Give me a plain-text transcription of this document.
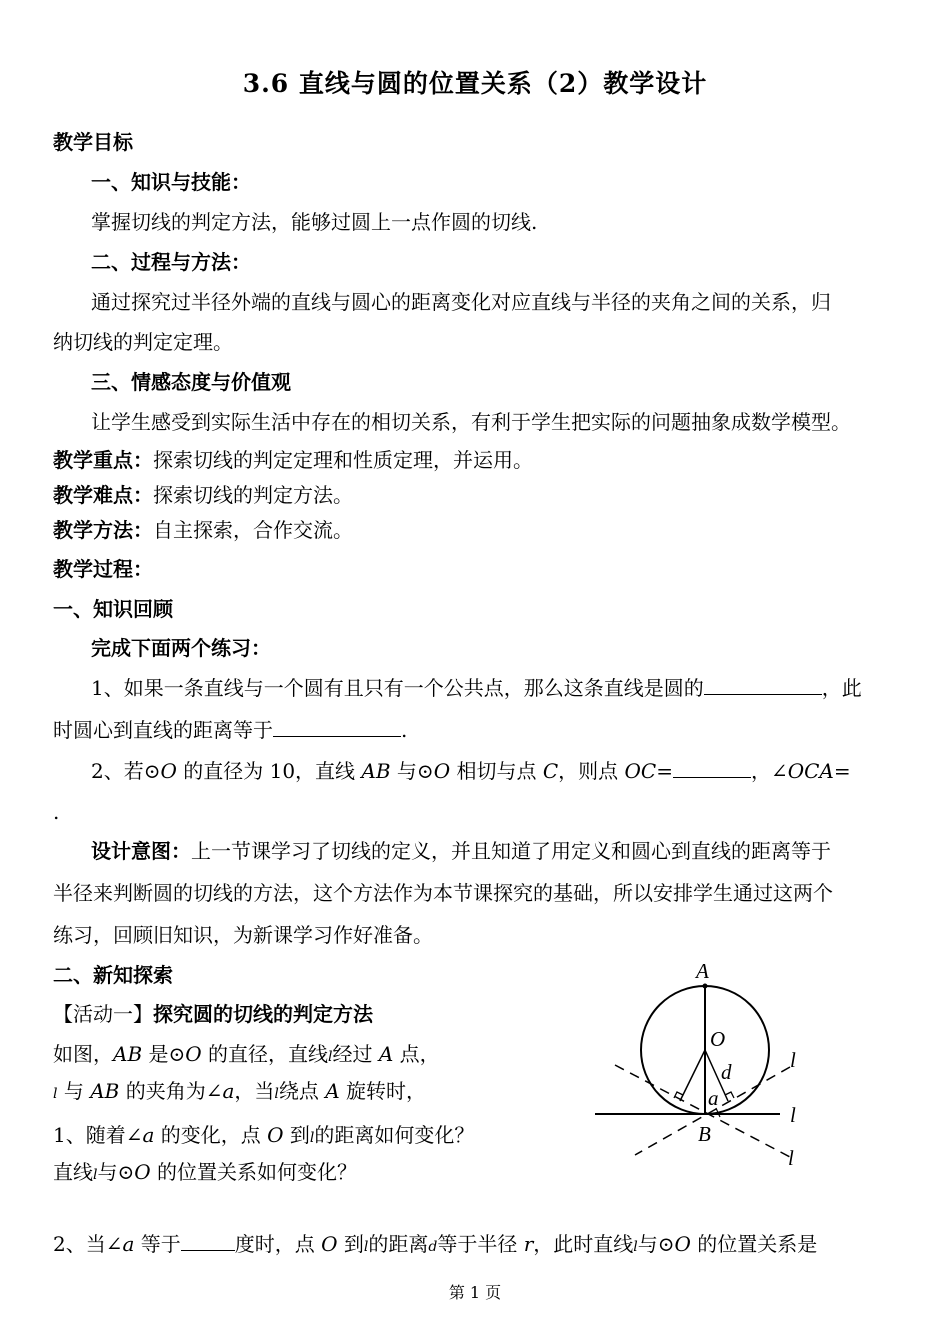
3.6 直线与圆的位置关系（2）教学设计
教学目标
一、知识与技能：
掌握切线的判定方法，能够过圆上一点作圆的切线.
二、过程与方法：
通过探究过半径外端的直线与圆心的距离变化对应直线与半径的夹角之间的关系，归
纳切线的判定定理。
三、情感态度与价值观
让学生感受到实际生活中存在的相切关系，有利于学生把实际的问题抽象成数学模型。
教学重点：探索切线的判定定理和性质定理，并运用。
教学难点：探索切线的判定方法。
教学方法：自主探索，合作交流。
教学过程：
一、知识回顾
完成下面两个练习：
1、如果一条直线与一个圆有且只有一个公共点，那么这条直线是圆的	，此
时圆心到直线的距离等于	.
2、若⊙O 的直径为 10，直线 AB 与⊙O 相切与点 C，则点 OC=	，∠OCA=
.
设计意图：上一节课学习了切线的定义，并且知道了用定义和圆心到直线的距离等于
半径来判断圆的切线的方法，这个方法作为本节课探究的基础，所以安排学生通过这两个
练习，回顾旧知识，为新课学习作好准备。
二、新知探索
【活动一】探究圆的切线的判定方法
如图，AB 是⊙O 的直径，直线l经过 A 点，
l 与 AB 的夹角为∠a，当l绕点 A 旋转时，
1、随着∠a 的变化，点 O 到l的距离如何变化？
直线l与⊙O 的位置关系如何变化？
2、当∠a 等于	度时，点 O 到l的距离d等于半径 r，此时直线l与⊙O 的位置关系是
A
O
d
a
B
l
l
l
第 1 页
